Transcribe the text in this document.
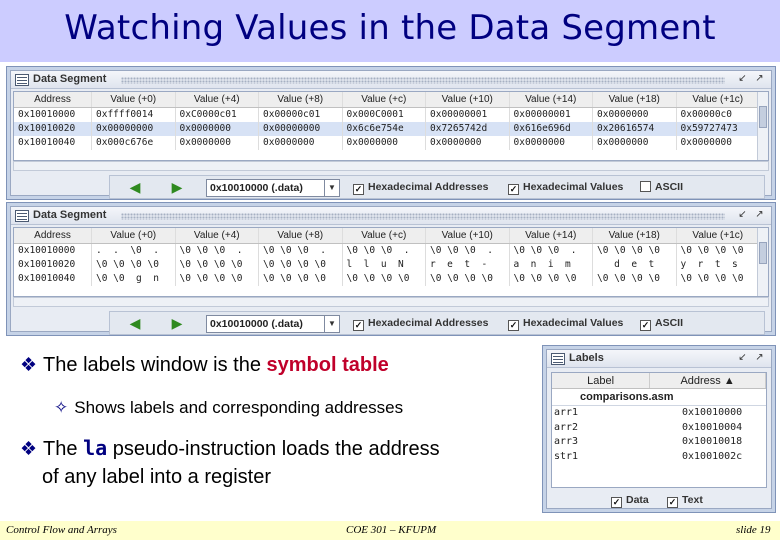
Watching Values in the Data Segment
Data Segment	↙ ↗
Address	Value (+0)	Value (+4)	Value (+8)	Value (+c)	Value (+10)	Value (+14)	Value (+18)	Value (+1c)
0x10010000	0xffff0014	0xC0000c01	0x00000c01	0x000C0001	0x00000001	0x00000001	0x0000000	0x00000c0
0x10010020	0x00000000	0x0000000	0x00000000	0x6c6e754e	0x7265742d	0x616e696d	0x20616574	0x59727473
0x10010040	0x000c676e	0x0000000	0x0000000	0x0000000	0x0000000	0x0000000	0x0000000	0x0000000
◀	▶	0x10010000 (.data)	▼	✓ Hexadecimal Addresses ✓ Hexadecimal Values	ASCII
Data Segment	↙ ↗
Address	Value (+0)	Value (+4)	Value (+8)	Value (+c)	Value (+10)	Value (+14)	Value (+18)	Value (+1c)
0x10010000	.  .  \0  .	\0 \0 \0  .	\0 \0 \0  .	\0 \0 \0  .	\0 \0 \0  .	\0 \0 \0  .	\0 \0 \0 \0	\0 \0 \0 \0
0x10010020	\0 \0 \0 \0	\0 \0 \0 \0	\0 \0 \0 \0	l  l  u  N	r  e  t  -	a  n  i  m	d  e  t	y  r  t  s
0x10010040	\0 \0  g  n	\0 \0 \0 \0	\0 \0 \0 \0	\0 \0 \0 \0	\0 \0 \0 \0	\0 \0 \0 \0	\0 \0 \0 \0	\0 \0 \0 \0
◀	▶	0x10010000 (.data)	▼	✓ Hexadecimal Addresses ✓ Hexadecimal Values ✓ ASCII
❖ The labels window is the symbol table
✧ Shows labels and corresponding addresses
❖ The la pseudo-instruction loads the address
of any label into a register
Labels	↙ ↗
Label	Address ▲
comparisons.asm
arr1	0x10010000
arr2	0x10010004
arr3	0x10010018
str1	0x1001002c
✓ Data ✓ Text
Control Flow and Arrays	COE 301 – KFUPM	slide 19
